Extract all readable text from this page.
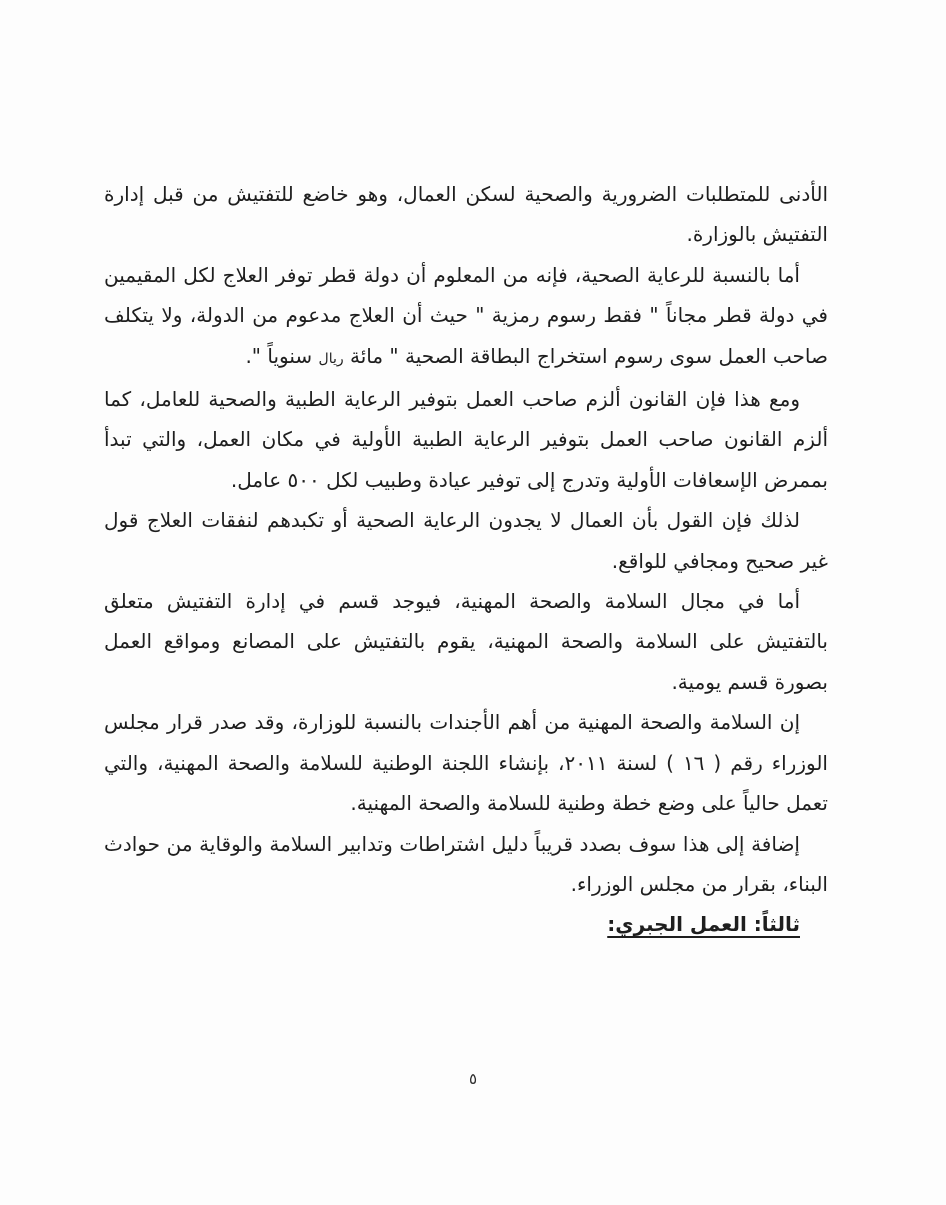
الأدنى للمتطلبات الضرورية والصحية لسكن العمال، وهو خاضع للتفتيش من قبل إدارة التفتيش بالوزارة.

أما بالنسبة للرعاية الصحية، فإنه من المعلوم أن دولة قطر توفر العلاج لكل المقيمين في دولة قطر مجاناً " فقط رسوم رمزية " حيث أن العلاج مدعوم من الدولة، ولا يتكلف صاحب العمل سوى رسوم استخراج البطاقة الصحية " مائة ريال سنوياً ".

ومع هذا فإن القانون ألزم صاحب العمل بتوفير الرعاية الطبية والصحية للعامل، كما ألزم القانون صاحب العمل بتوفير الرعاية الطبية الأولية في مكان العمل، والتي تبدأ بممرض الإسعافات الأولية وتدرج إلى توفير عيادة وطبيب لكل ٥٠٠ عامل.

لذلك فإن القول بأن العمال لا يجدون الرعاية الصحية أو تكبدهم لنفقات العلاج قول غير صحيح ومجافي للواقع.

أما في مجال السلامة والصحة المهنية، فيوجد قسم في إدارة التفتيش متعلق بالتفتيش على السلامة والصحة المهنية، يقوم بالتفتيش على المصانع ومواقع العمل بصورة قسم يومية.

إن السلامة والصحة المهنية من أهم الأجندات بالنسبة للوزارة، وقد صدر قرار مجلس الوزراء رقم ( ١٦ ) لسنة ٢٠١١، بإنشاء اللجنة الوطنية للسلامة والصحة المهنية، والتي تعمل حالياً على وضع خطة وطنية للسلامة والصحة المهنية.

إضافة إلى هذا سوف بصدد قريباً دليل اشتراطات وتدابير السلامة والوقاية من حوادث البناء، بقرار من مجلس الوزراء.

ثالثاً: العمل الجبري:

٥
